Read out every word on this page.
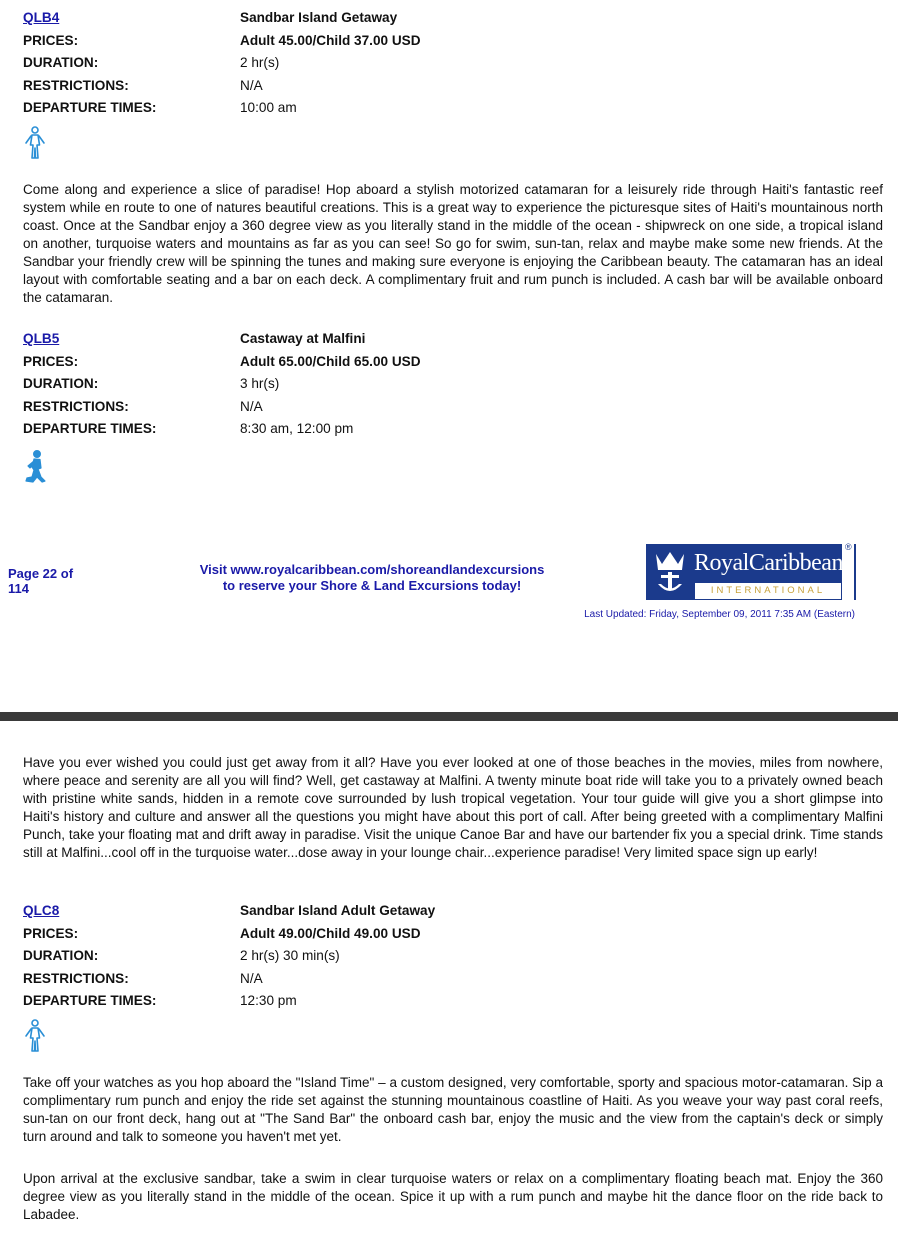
QLB4	Sandbar Island Getaway
PRICES:	Adult 45.00/Child 37.00 USD
DURATION:	2 hr(s)
RESTRICTIONS:	N/A
DEPARTURE TIMES:	10:00 am

Come along and experience a slice of paradise! Hop aboard a stylish motorized catamaran for a leisurely ride through Haiti's fantastic reef system while en route to one of natures beautiful creations. This is a great way to experience the picturesque sites of Haiti's mountainous north coast. Once at the Sandbar enjoy a 360 degree view as you literally stand in the middle of the ocean - shipwreck on one side, a tropical island on another, turquoise waters and mountains as far as you can see! So go for swim, sun-tan, relax and maybe make some new friends. At the Sandbar your friendly crew will be spinning the tunes and making sure everyone is enjoying the Caribbean beauty. The catamaran has an ideal layout with comfortable seating and a bar on each deck. A complimentary fruit and rum punch is included. A cash bar will be available onboard the catamaran.

QLB5	Castaway at Malfini
PRICES:	Adult 65.00/Child 65.00 USD
DURATION:	3 hr(s)
RESTRICTIONS:	N/A
DEPARTURE TIMES:	8:30 am, 12:00 pm
Page 22 of
114
Visit www.royalcaribbean.com/shoreandlandexcursions
to reserve your Shore & Land Excursions today!
RoyalCaribbean
INTERNATIONAL
®
Last Updated: Friday, September 09, 2011 7:35 AM (Eastern)

Have you ever wished you could just get away from it all? Have you ever looked at one of those beaches in the movies, miles from nowhere, where peace and serenity are all you will find? Well, get castaway at Malfini. A twenty minute boat ride will take you to a privately owned beach with pristine white sands, hidden in a remote cove surrounded by lush tropical vegetation. Your tour guide will give you a short glimpse into Haiti's history and culture and answer all the questions you might have about this port of call. After being greeted with a complimentary Malfini Punch, take your floating mat and drift away in paradise. Visit the unique Canoe Bar and have our bartender fix you a special drink. Time stands still at Malfini...cool off in the turquoise water...dose away in your lounge chair...experience paradise! Very limited space sign up early!

QLC8	Sandbar Island Adult Getaway
PRICES:	Adult 49.00/Child 49.00 USD
DURATION:	2 hr(s) 30 min(s)
RESTRICTIONS:	N/A
DEPARTURE TIMES:	12:30 pm

Take off your watches as you hop aboard the "Island Time" – a custom designed, very comfortable, sporty and spacious motor-catamaran. Sip a complimentary rum punch and enjoy the ride set against the stunning mountainous coastline of Haiti. As you weave your way past coral reefs, sun-tan on our front deck, hang out at "The Sand Bar" the onboard cash bar, enjoy the music and the view from the captain's deck or simply turn around and talk to someone you haven't met yet.

Upon arrival at the exclusive sandbar, take a swim in clear turquoise waters or relax on a complimentary floating beach mat. Enjoy the 360 degree view as you literally stand in the middle of the ocean. Spice it up with a rum punch and maybe hit the dance floor on the ride back to Labadee.
